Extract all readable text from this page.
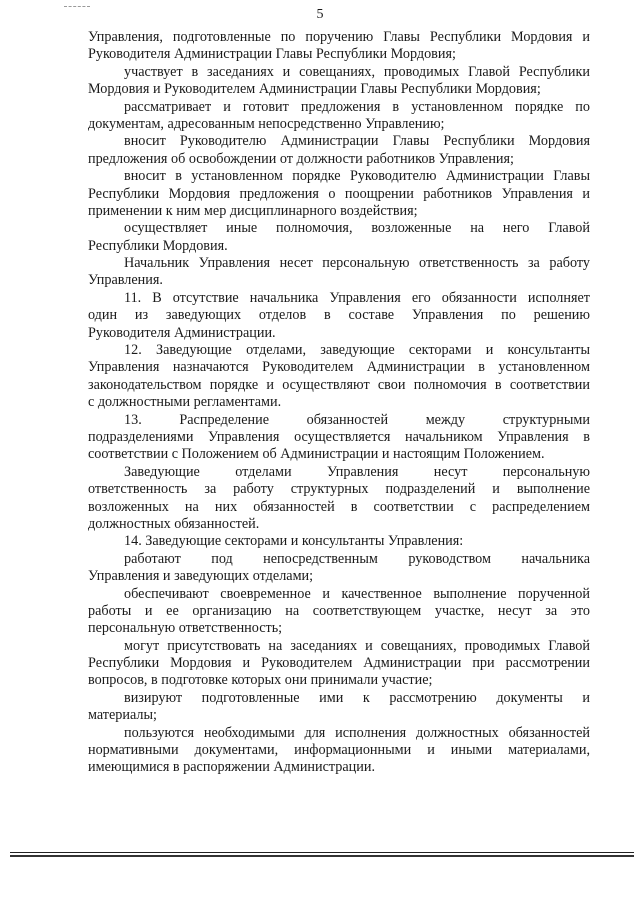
5
Управления, подготовленные по поручению Главы Республики Мордовия и
Руководителя Администрации Главы Республики Мордовия;
участвует в заседаниях и совещаниях, проводимых Главой Республики
Мордовия и Руководителем Администрации Главы Республики Мордовия;
рассматривает и готовит предложения в установленном порядке по
документам, адресованным непосредственно Управлению;
вносит Руководителю Администрации Главы Республики Мордовия
предложения об освобождении от должности работников Управления;
вносит в установленном порядке Руководителю Администрации Главы
Республики Мордовия предложения о поощрении работников Управления и
применении к ним мер дисциплинарного воздействия;
осуществляет иные полномочия, возложенные на него Главой
Республики Мордовия.
Начальник Управления несет персональную ответственность за работу
Управления.
11. В отсутствие начальника Управления его обязанности исполняет
один из заведующих отделов в составе Управления по решению
Руководителя Администрации.
12. Заведующие отделами, заведующие секторами и консультанты
Управления назначаются Руководителем Администрации в установленном
законодательством порядке и осуществляют свои полномочия в соответствии
с должностными регламентами.
13. Распределение обязанностей между структурными
подразделениями Управления осуществляется начальником Управления в
соответствии с Положением об Администрации и настоящим Положением.
Заведующие отделами Управления несут персональную
ответственность за работу структурных подразделений и выполнение
возложенных на них обязанностей в соответствии с распределением
должностных обязанностей.
14. Заведующие секторами и консультанты Управления:
работают под непосредственным руководством начальника
Управления и заведующих отделами;
обеспечивают своевременное и качественное выполнение порученной
работы и ее организацию на соответствующем участке, несут за это
персональную ответственность;
могут присутствовать на заседаниях и совещаниях, проводимых Главой
Республики Мордовия и Руководителем Администрации при рассмотрении
вопросов, в подготовке которых они принимали участие;
визируют подготовленные ими к рассмотрению документы и
материалы;
пользуются необходимыми для исполнения должностных обязанностей
нормативными документами, информационными и иными материалами,
имеющимися в распоряжении Администрации.
